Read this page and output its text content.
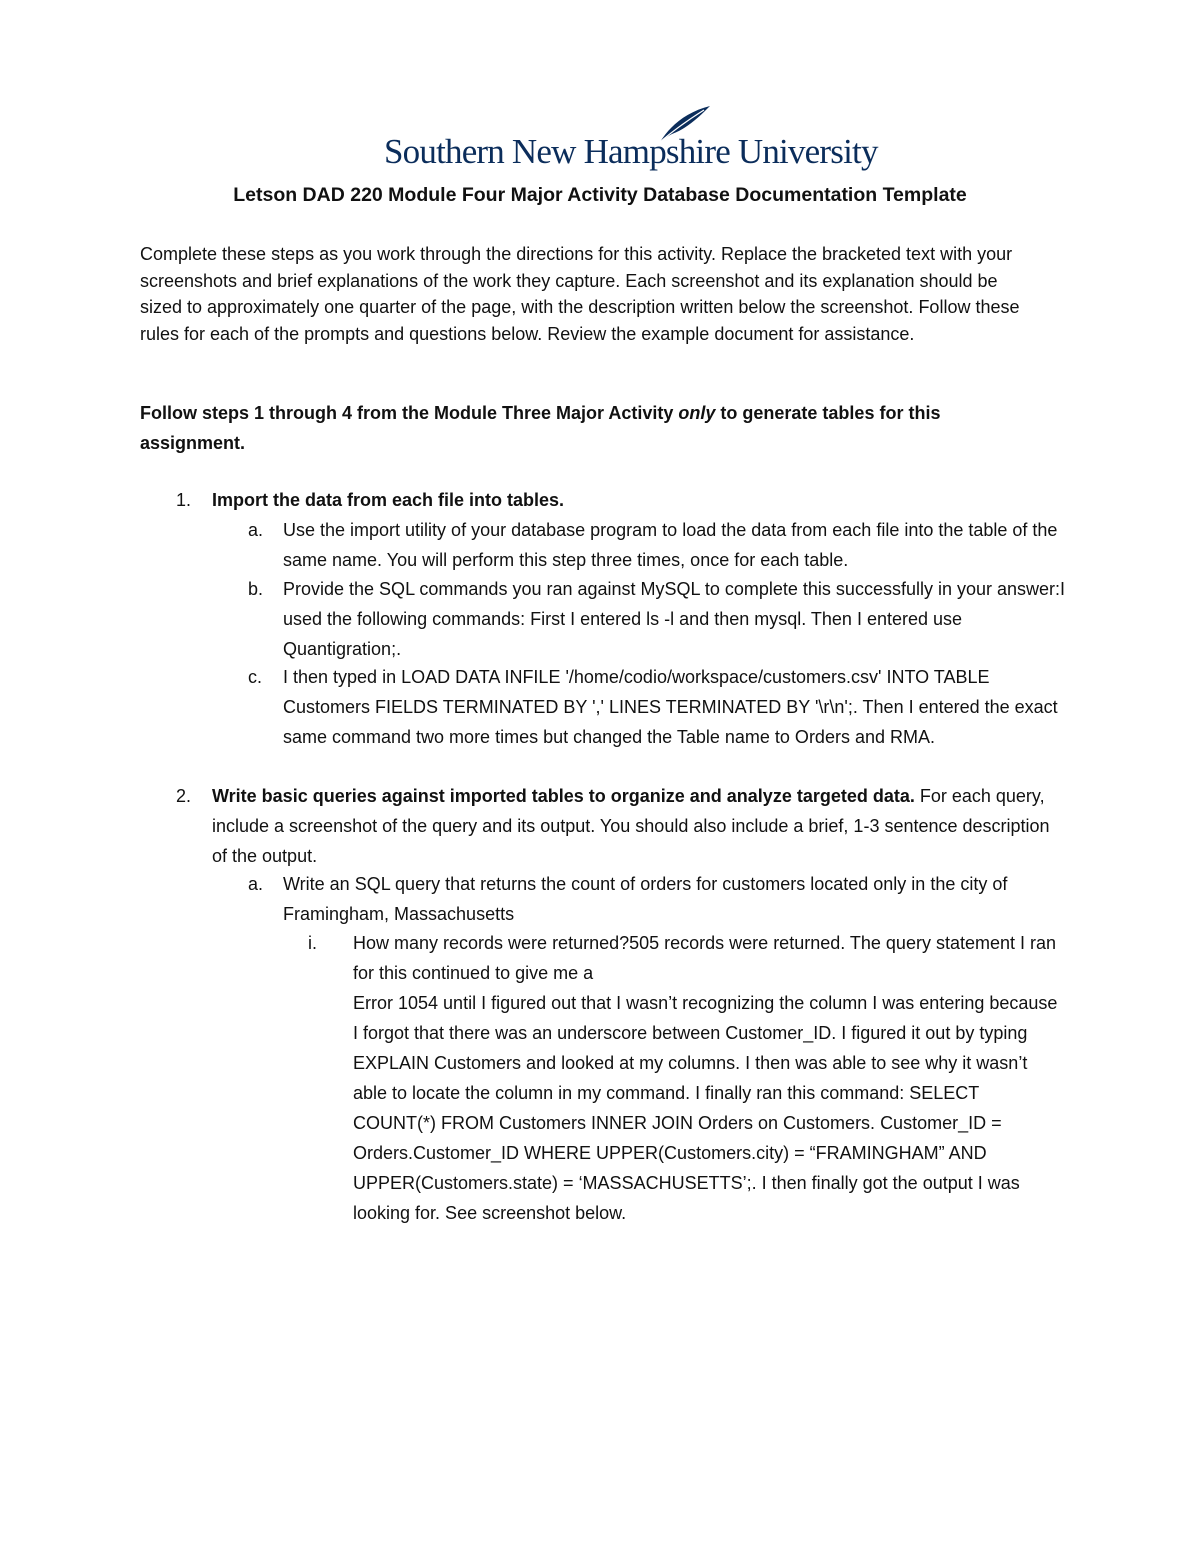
Southern New Hampshire University
Letson DAD 220 Module Four Major Activity Database Documentation Template
Complete these steps as you work through the directions for this activity. Replace the bracketed text with your screenshots and brief explanations of the work they capture. Each screenshot and its explanation should be sized to approximately one quarter of the page, with the description written below the screenshot. Follow these rules for each of the prompts and questions below. Review the example document for assistance.
Follow steps 1 through 4 from the Module Three Major Activity only to generate tables for this assignment.
1. Import the data from each file into tables.
a. Use the import utility of your database program to load the data from each file into the table of the same name. You will perform this step three times, once for each table.
b. Provide the SQL commands you ran against MySQL to complete this successfully in your answer:I used the following commands: First I entered ls -l and then mysql. Then I entered use Quantigration;.
c. I then typed in LOAD DATA INFILE '/home/codio/workspace/customers.csv' INTO TABLE Customers FIELDS TERMINATED BY ',' LINES TERMINATED BY '\r\n';. Then I entered the exact same command two more times but changed the Table name to Orders and RMA.
2. Write basic queries against imported tables to organize and analyze targeted data. For each query, include a screenshot of the query and its output. You should also include a brief, 1-3 sentence description of the output.
a. Write an SQL query that returns the count of orders for customers located only in the city of Framingham, Massachusetts
i. How many records were returned?505 records were returned. The query statement I ran for this continued to give me a
Error 1054 until I figured out that I wasn’t recognizing the column I was entering because I forgot that there was an underscore between Customer_ID. I figured it out by typing EXPLAIN Customers and looked at my columns. I then was able to see why it wasn’t able to locate the column in my command. I finally ran this command: SELECT COUNT(*) FROM Customers INNER JOIN Orders on Customers. Customer_ID = Orders.Customer_ID WHERE UPPER(Customers.city) = “FRAMINGHAM” AND UPPER(Customers.state) = ‘MASSACHUSETTS’;. I then finally got the output I was looking for. See screenshot below.
